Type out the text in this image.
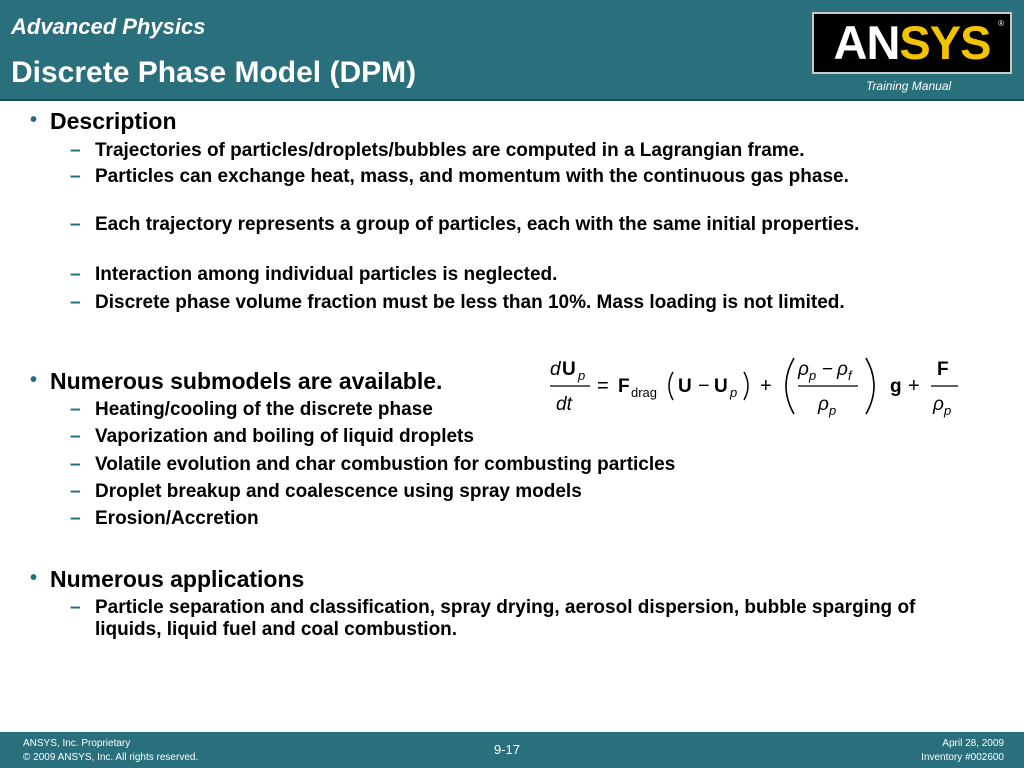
Advanced Physics
Discrete Phase Model (DPM)
ANSYS ®
Training Manual
• Description
– Trajectories of particles/droplets/bubbles are computed in a Lagrangian frame.
– Particles can exchange heat, mass, and momentum with the continuous gas phase.
– Each trajectory represents a group of particles, each with the same initial properties.
– Interaction among individual particles is neglected.
– Discrete phase volume fraction must be less than 10%. Mass loading is not limited.
• Numerous submodels are available.
– Heating/cooling of the discrete phase
– Vaporization and boiling of liquid droplets
– Volatile evolution and char combustion for combusting particles
– Droplet breakup and coalescence using spray models
– Erosion/Accretion
• Numerous applications
– Particle separation and classification, spray drying, aerosol dispersion, bubble sparging of liquids, liquid fuel and coal combustion.
d U p
dt
= F drag U − U p +
ρ p − ρ f
ρ p
g +
F
ρ p
ANSYS, Inc. Proprietary
© 2009 ANSYS, Inc. All rights reserved.
9-17	April 28, 2009
Inventory #002600
